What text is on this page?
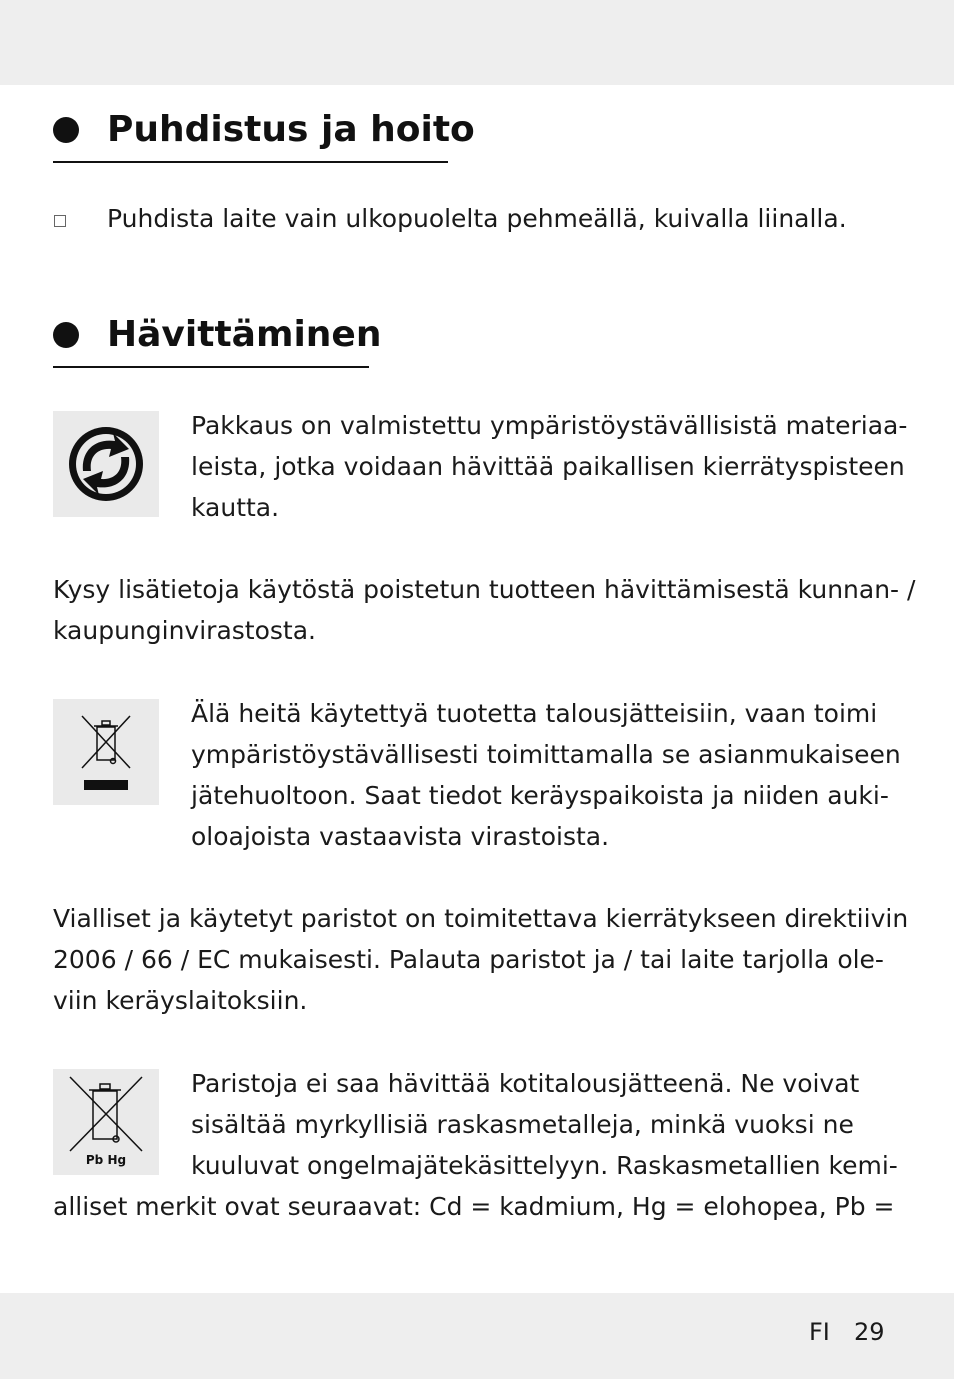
Puhdistus ja hoito

Puhdista laite vain ulkopuolelta pehmeällä, kuivalla liinalla.

Hävittäminen

Pakkaus on valmistettu ympäristöystävällisistä materiaa-
leista, jotka voidaan hävittää paikallisen kierrätyspisteen
kautta.

Kysy lisätietoja käytöstä poistetun tuotteen hävittämisestä kunnan- /
kaupunginvirastosta.

Älä heitä käytettyä tuotetta talousjätteisiin, vaan toimi
ympäristöystävällisesti toimittamalla se asianmukaiseen
jätehuoltoon. Saat tiedot keräyspaikoista ja niiden auki-
oloajoista vastaavista virastoista.

Vialliset ja käytetyt paristot on toimitettava kierrätykseen direktiivin
2006 / 66 / EC mukaisesti. Palauta paristot ja / tai laite tarjolla ole-
viin keräyslaitoksiin.

Pb Hg

Paristoja ei saa hävittää kotitalousjätteenä. Ne voivat
sisältää myrkyllisiä raskasmetalleja, minkä vuoksi ne
kuuluvat ongelmajätekäsittelyyn. Raskasmetallien kemi-

alliset merkit ovat seuraavat: Cd = kadmium, Hg = elohopea, Pb =

FI 29
